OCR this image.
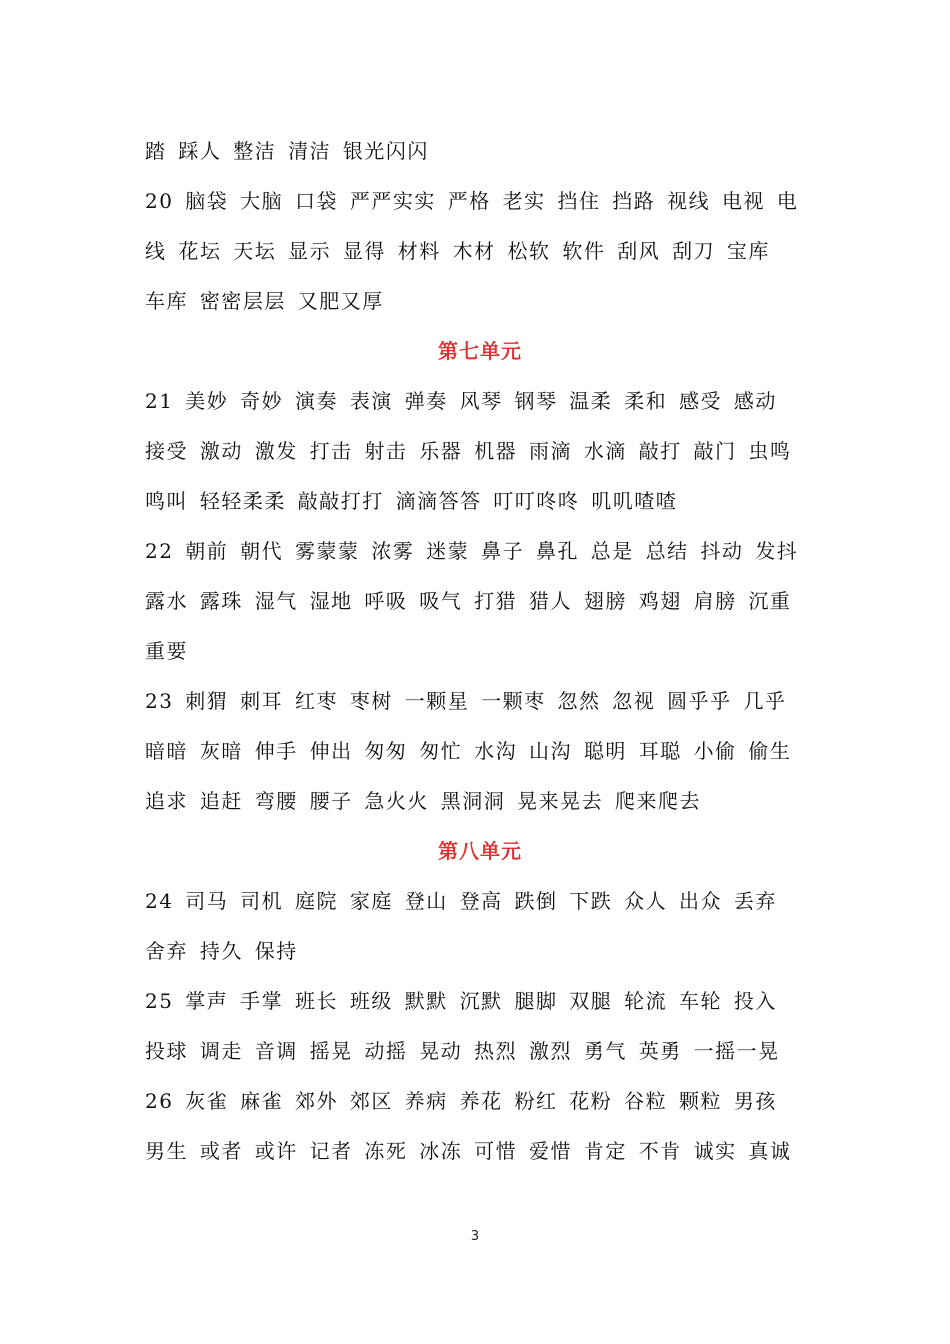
踏 踩人 整洁 清洁 银光闪闪
20 脑袋 大脑 口袋 严严实实 严格 老实 挡住 挡路 视线 电视 电
线 花坛 天坛 显示 显得 材料 木材 松软 软件 刮风 刮刀 宝库
车库 密密层层 又肥又厚
第七单元
21 美妙 奇妙 演奏 表演 弹奏 风琴 钢琴 温柔 柔和 感受 感动
接受 激动 激发 打击 射击 乐器 机器 雨滴 水滴 敲打 敲门 虫鸣
鸣叫 轻轻柔柔 敲敲打打 滴滴答答 叮叮咚咚 叽叽喳喳
22 朝前 朝代 雾蒙蒙 浓雾 迷蒙 鼻子 鼻孔 总是 总结 抖动 发抖
露水 露珠 湿气 湿地 呼吸 吸气 打猎 猎人 翅膀 鸡翅 肩膀 沉重
重要
23 刺猬 刺耳 红枣 枣树 一颗星 一颗枣 忽然 忽视 圆乎乎 几乎
暗暗 灰暗 伸手 伸出 匆匆 匆忙 水沟 山沟 聪明 耳聪 小偷 偷生
追求 追赶 弯腰 腰子 急火火 黑洞洞 晃来晃去 爬来爬去
第八单元
24 司马 司机 庭院 家庭 登山 登高 跌倒 下跌 众人 出众 丢弃
舍弃 持久 保持
25 掌声 手掌 班长 班级 默默 沉默 腿脚 双腿 轮流 车轮 投入
投球 调走 音调 摇晃 动摇 晃动 热烈 激烈 勇气 英勇 一摇一晃
26 灰雀 麻雀 郊外 郊区 养病 养花 粉红 花粉 谷粒 颗粒 男孩
男生 或者 或许 记者 冻死 冰冻 可惜 爱惜 肯定 不肯 诚实 真诚
3
